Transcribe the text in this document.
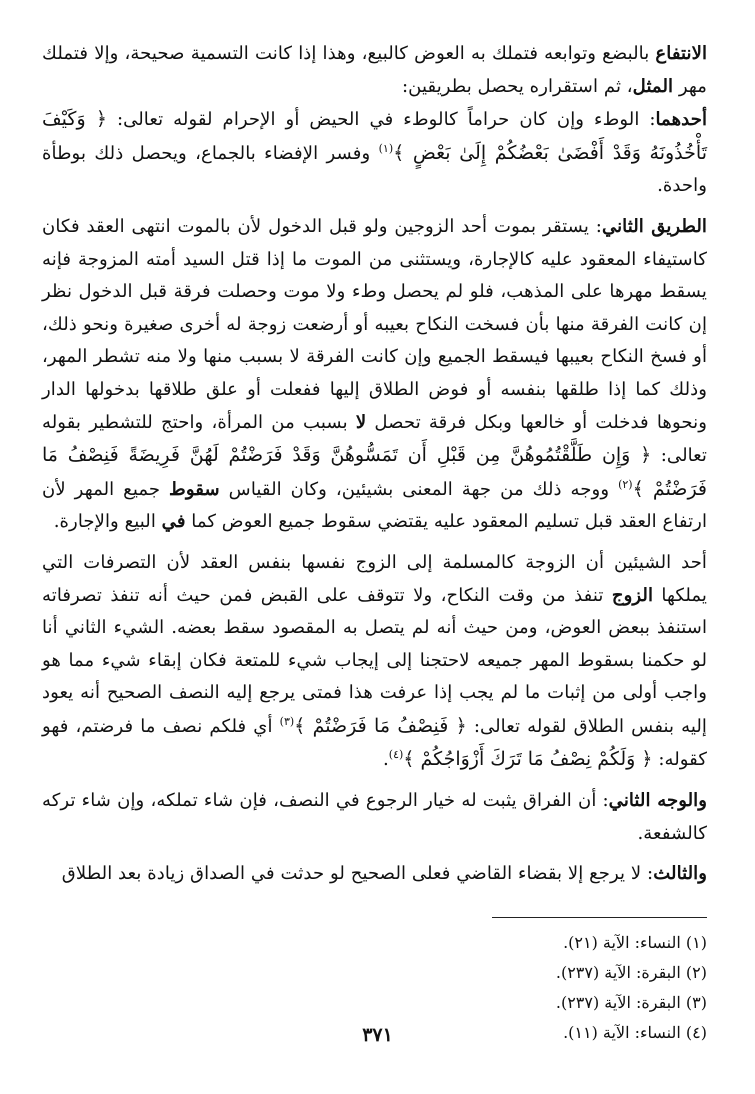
الانتفاع بالبضع وتوابعه فتملك به العوض كالبيع، وهذا إذا كانت التسمية صحيحة، وإلا فتملك مهر المثل، ثم استقراره يحصل بطريقين:

أحدهما: الوطء وإن كان حراماً كالوطء في الحيض أو الإحرام لقوله تعالى: ﴿ وَكَيْفَ تَأْخُذُونَهُ وَقَدْ أَفْضَىٰ بَعْضُكُمْ إِلَىٰ بَعْضٍ ﴾$^{(١)}$ وفسر الإفضاء بالجماع، ويحصل ذلك بوطأة واحدة.

الطريق الثاني: يستقر بموت أحد الزوجين ولو قبل الدخول لأن بالموت انتهى العقد فكان كاستيفاء المعقود عليه كالإجارة، ويستثنى من الموت ما إذا قتل السيد أمته المزوجة فإنه يسقط مهرها على المذهب، فلو لم يحصل وطء ولا موت وحصلت فرقة قبل الدخول نظر إن كانت الفرقة منها بأن فسخت النكاح بعيبه أو أرضعت زوجة له أخرى صغيرة ونحو ذلك، أو فسخ النكاح بعيبها فيسقط الجميع وإن كانت الفرقة لا بسبب منها ولا منه تشطر المهر، وذلك كما إذا طلقها بنفسه أو فوض الطلاق إليها ففعلت أو علق طلاقها بدخولها الدار ونحوها فدخلت أو خالعها وبكل فرقة تحصل لا بسبب من المرأة، واحتج للتشطير بقوله تعالى: ﴿ وَإِن طَلَّقْتُمُوهُنَّ مِن قَبْلِ أَن تَمَسُّوهُنَّ وَقَدْ فَرَضْتُمْ لَهُنَّ فَرِيضَةً فَنِصْفُ مَا فَرَضْتُمْ ﴾$^{(٢)}$ ووجه ذلك من جهة المعنى بشيئين، وكان القياس سقوط جميع المهر لأن ارتفاع العقد قبل تسليم المعقود عليه يقتضي سقوط جميع العوض كما في البيع والإجارة.

أحد الشيئين أن الزوجة كالمسلمة إلى الزوج نفسها بنفس العقد لأن التصرفات التي يملكها الزوج تنفذ من وقت النكاح، ولا تتوقف على القبض فمن حيث أنه تنفذ تصرفاته استنفذ ببعض العوض، ومن حيث أنه لم يتصل به المقصود سقط بعضه. الشيء الثاني أنا لو حكمنا بسقوط المهر جميعه لاحتجنا إلى إيجاب شيء للمتعة فكان إبقاء شيء مما هو واجب أولى من إثبات ما لم يجب إذا عرفت هذا فمتى يرجع إليه النصف الصحيح أنه يعود إليه بنفس الطلاق لقوله تعالى: ﴿ فَنِصْفُ مَا فَرَضْتُمْ ﴾$^{(٣)}$ أي فلكم نصف ما فرضتم، فهو كقوله: ﴿ وَلَكُمْ نِصْفُ مَا تَرَكَ أَزْوَاجُكُمْ ﴾$^{(٤)}$.

والوجه الثاني: أن الفراق يثبت له خيار الرجوع في النصف، فإن شاء تملكه، وإن شاء تركه كالشفعة.

والثالث: لا يرجع إلا بقضاء القاضي فعلى الصحيح لو حدثت في الصداق زيادة بعد الطلاق

(١) النساء: الآية (٢١).
(٢) البقرة: الآية (٢٣٧).
(٣) البقرة: الآية (٢٣٧).
(٤) النساء: الآية (١١).
٣٧١
